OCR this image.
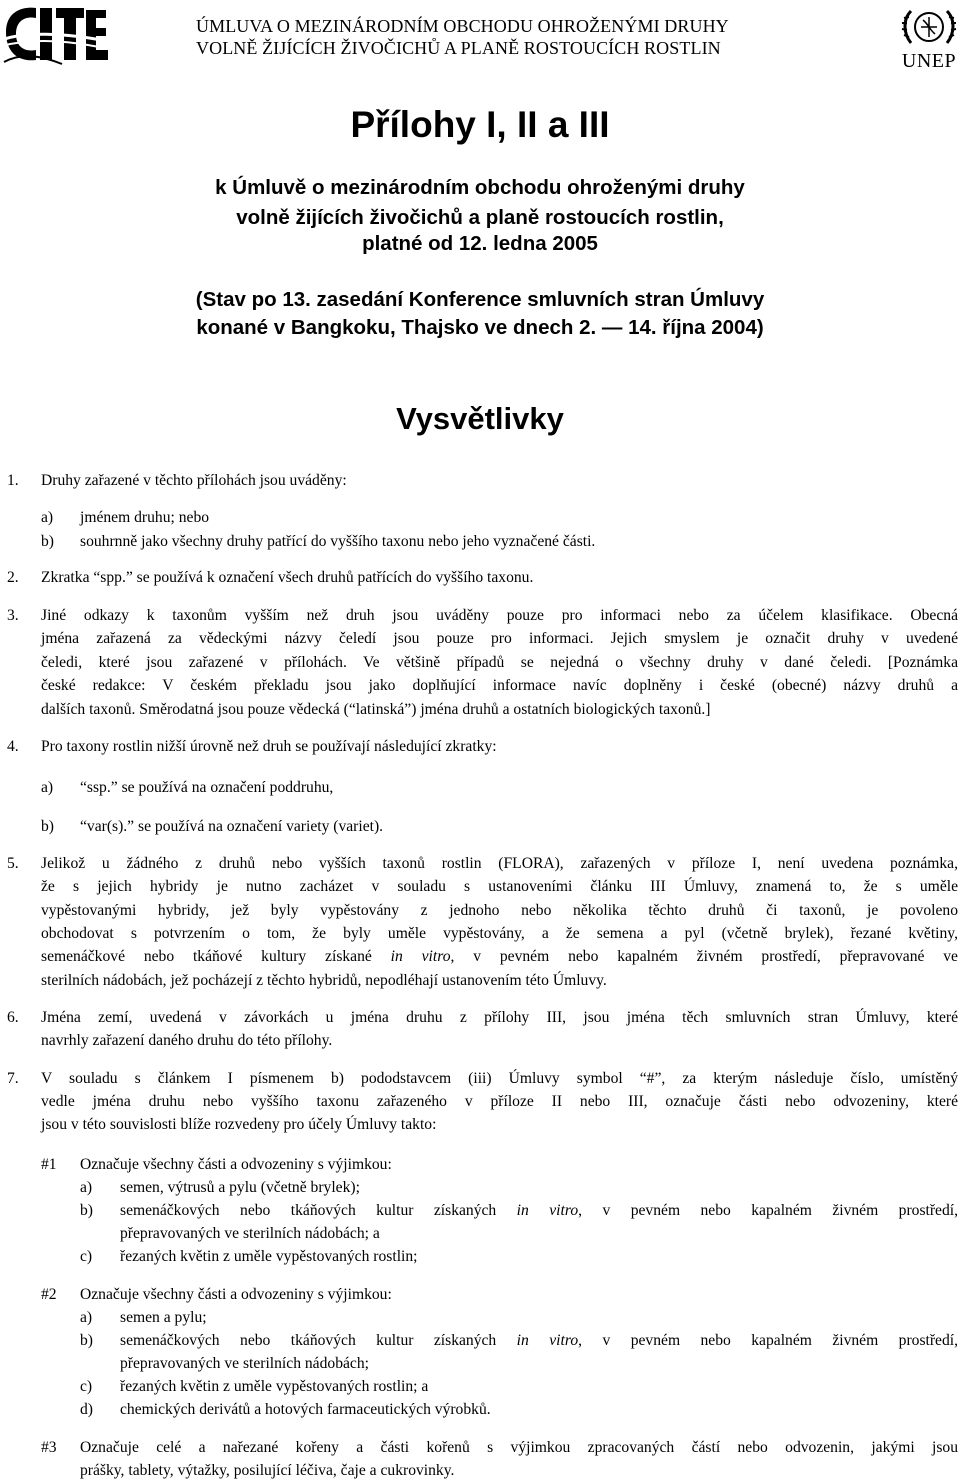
ÚMLUVA O MEZINÁRODNÍM OBCHODU OHROŽENÝMI DRUHY
VOLNĚ ŽIJÍCÍCH ŽIVOČICHŮ A PLANĚ ROSTOUCÍCH ROSTLIN
UNEP
Přílohy I, II a III
k Úmluvě o mezinárodním obchodu ohroženými druhy
volně žijících živočichů a planě rostoucích rostlin,
platné od 12. ledna 2005
(Stav po 13. zasedání Konference smluvních stran Úmluvy
konané v Bangkoku, Thajsko ve dnech 2. — 14. října 2004)
Vysvětlivky
1. Druhy zařazené v těchto přílohách jsou uváděny:
a) jménem druhu; nebo
b) souhrnně jako všechny druhy patřící do vyššího taxonu nebo jeho vyznačené části.
2. Zkratka “spp.” se používá k označení všech druhů patřících do vyššího taxonu.
3. Jiné odkazy k taxonům vyšším než druh jsou uváděny pouze pro informaci nebo za účelem klasifikace. Obecná
jména zařazená za vědeckými názvy čeledí jsou pouze pro informaci. Jejich smyslem je označit druhy v uvedené
čeledi, které jsou zařazené v přílohách. Ve většině případů se nejedná o všechny druhy v dané čeledi. [Poznámka
české redakce: V českém překladu jsou jako doplňující informace navíc doplněny i české (obecné) názvy druhů a
dalších taxonů. Směrodatná jsou pouze vědecká (“latinská”) jména druhů a ostatních biologických taxonů.]
4. Pro taxony rostlin nižší úrovně než druh se používají následující zkratky:
a) “ssp.” se používá na označení poddruhu,
b) “var(s).” se používá na označení variety (variet).
5. Jelikož u žádného z druhů nebo vyšších taxonů rostlin (FLORA), zařazených v příloze I, není uvedena poznámka,
že s jejich hybridy je nutno zacházet v souladu s ustanoveními článku III Úmluvy, znamená to, že s uměle
vypěstovanými hybridy, jež byly vypěstovány z jednoho nebo několika těchto druhů či taxonů, je povoleno
obchodovat s potvrzením o tom, že byly uměle vypěstovány, a že semena a pyl (včetně brylek), řezané květiny,
semenáčkové nebo tkáňové kultury získané in vitro, v pevném nebo kapalném živném prostředí, přepravované ve
sterilních nádobách, jež pocházejí z těchto hybridů, nepodléhají ustanovením této Úmluvy.
6. Jména zemí, uvedená v závorkách u jména druhu z přílohy III, jsou jména těch smluvních stran Úmluvy, které
navrhly zařazení daného druhu do této přílohy.
7. V souladu s článkem I písmenem b) pododstavcem (iii) Úmluvy symbol “#”, za kterým následuje číslo, umístěný
vedle jména druhu nebo vyššího taxonu zařazeného v příloze II nebo III, označuje části nebo odvozeniny, které
jsou v této souvislosti blíže rozvedeny pro účely Úmluvy takto:
#1 Označuje všechny části a odvozeniny s výjimkou:
a) semen, výtrusů a pylu (včetně brylek);
b) semenáčkových nebo tkáňových kultur získaných in vitro, v pevném nebo kapalném živném prostředí,
přepravovaných ve sterilních nádobách; a
c) řezaných květin z uměle vypěstovaných rostlin;
#2 Označuje všechny části a odvozeniny s výjimkou:
a) semen a pylu;
b) semenáčkových nebo tkáňových kultur získaných in vitro, v pevném nebo kapalném živném prostředí,
přepravovaných ve sterilních nádobách;
c) řezaných květin z uměle vypěstovaných rostlin; a
d) chemických derivátů a hotových farmaceutických výrobků.
#3 Označuje celé a nařezané kořeny a části kořenů s výjimkou zpracovaných částí nebo odvozenin, jakými jsou
prášky, tablety, výtažky, posilující léčiva, čaje a cukrovinky.
